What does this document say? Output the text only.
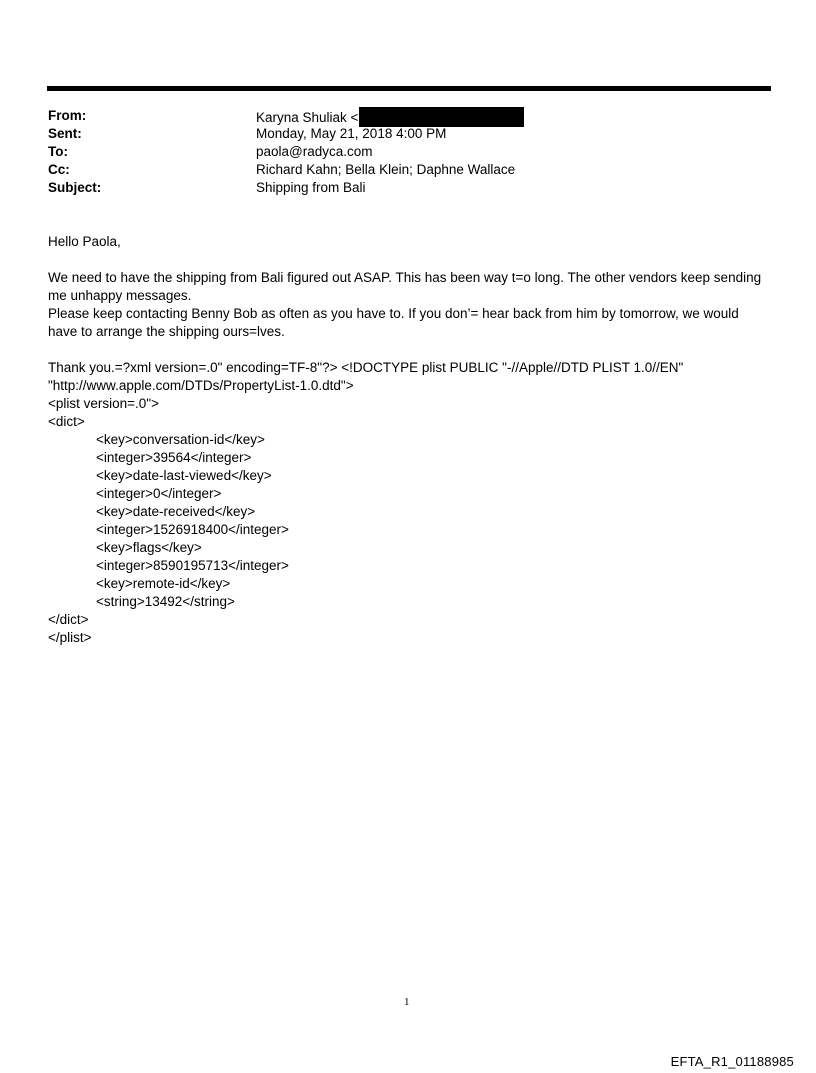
From:	Karyna Shuliak <
Sent:	Monday, May 21, 2018 4:00 PM
To:	paola@radyca.com
Cc:	Richard Kahn; Bella Klein; Daphne Wallace
Subject:	Shipping from Bali
Hello Paola,
We need to have the shipping from Bali figured out ASAP. This has been way t=o long. The other vendors keep sending
me unhappy messages.
Please keep contacting Benny Bob as often as you have to. If you don’= hear back from him by tomorrow, we would
have to arrange the shipping ours=lves.
Thank you.=?xml version=.0" encoding=TF-8"?> <!DOCTYPE plist PUBLIC "-//Apple//DTD PLIST 1.0//EN"
"http://www.apple.com/DTDs/PropertyList-1.0.dtd">
<plist version=.0">
<dict>
<key>conversation-id</key>
<integer>39564</integer>
<key>date-last-viewed</key>
<integer>0</integer>
<key>date-received</key>
<integer>1526918400</integer>
<key>flags</key>
<integer>8590195713</integer>
<key>remote-id</key>
<string>13492</string>
</dict>
</plist>
1
EFTA_R1_01188985
